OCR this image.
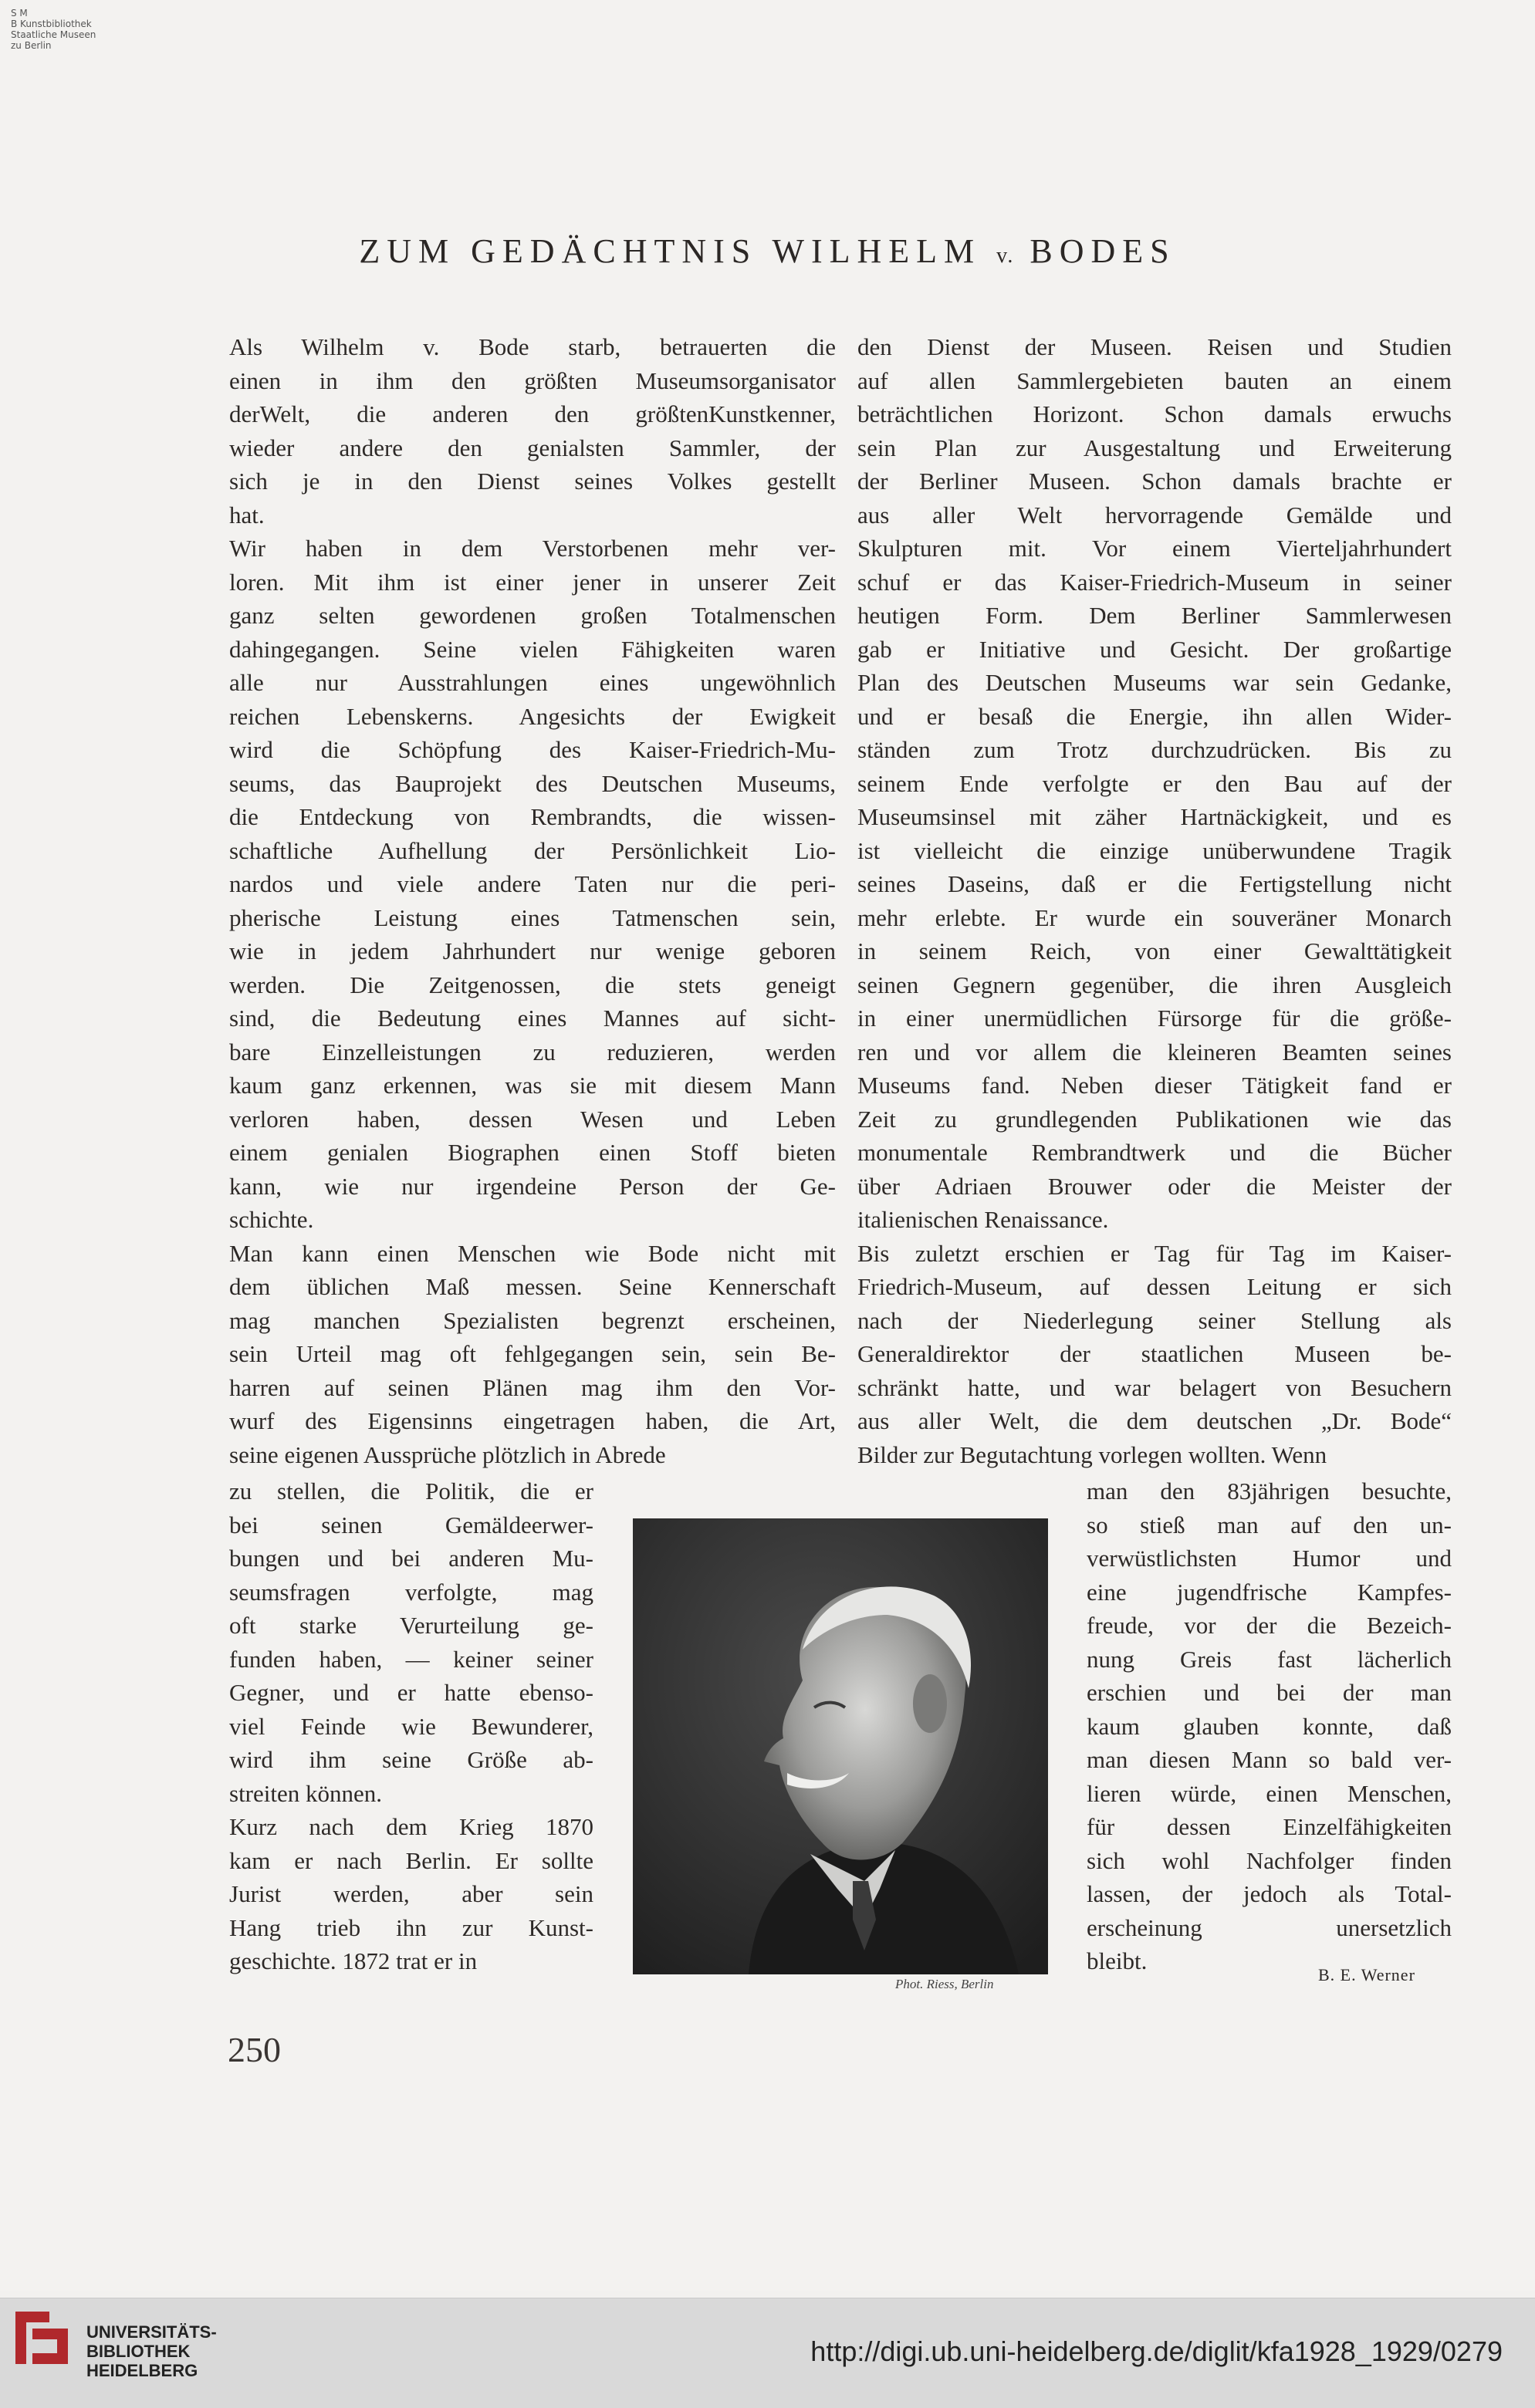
S M
B Kunstbibliothek
Staatliche Museen
zu Berlin
ZUM GEDÄCHTNIS WILHELM v. BODES
Als Wilhelm v. Bode starb, betrauerten die
einen in ihm den größten Museumsorganisator
derWelt, die anderen den größtenKunstkenner,
wieder andere den genialsten Sammler, der
sich je in den Dienst seines Volkes gestellt
hat.
Wir haben in dem Verstorbenen mehr ver-
loren. Mit ihm ist einer jener in unserer Zeit
ganz selten gewordenen großen Totalmenschen
dahingegangen. Seine vielen Fähigkeiten waren
alle nur Ausstrahlungen eines ungewöhnlich
reichen Lebenskerns. Angesichts der Ewigkeit
wird die Schöpfung des Kaiser-Friedrich-Mu-
seums, das Bauprojekt des Deutschen Museums,
die Entdeckung von Rembrandts, die wissen-
schaftliche Aufhellung der Persönlichkeit Lio-
nardos und viele andere Taten nur die peri-
pherische Leistung eines Tatmenschen sein,
wie in jedem Jahrhundert nur wenige geboren
werden. Die Zeitgenossen, die stets geneigt
sind, die Bedeutung eines Mannes auf sicht-
bare Einzelleistungen zu reduzieren, werden
kaum ganz erkennen, was sie mit diesem Mann
verloren haben, dessen Wesen und Leben
einem genialen Biographen einen Stoff bieten
kann, wie nur irgendeine Person der Ge-
schichte.
Man kann einen Menschen wie Bode nicht mit
dem üblichen Maß messen. Seine Kennerschaft
mag manchen Spezialisten begrenzt erscheinen,
sein Urteil mag oft fehlgegangen sein, sein Be-
harren auf seinen Plänen mag ihm den Vor-
wurf des Eigensinns eingetragen haben, die Art,
seine eigenen Aussprüche plötzlich in Abrede
den Dienst der Museen. Reisen und Studien
auf allen Sammlergebieten bauten an einem
beträchtlichen Horizont. Schon damals erwuchs
sein Plan zur Ausgestaltung und Erweiterung
der Berliner Museen. Schon damals brachte er
aus aller Welt hervorragende Gemälde und
Skulpturen mit. Vor einem Vierteljahrhundert
schuf er das Kaiser-Friedrich-Museum in seiner
heutigen Form. Dem Berliner Sammlerwesen
gab er Initiative und Gesicht. Der großartige
Plan des Deutschen Museums war sein Gedanke,
und er besaß die Energie, ihn allen Wider-
ständen zum Trotz durchzudrücken. Bis zu
seinem Ende verfolgte er den Bau auf der
Museumsinsel mit zäher Hartnäckigkeit, und es
ist vielleicht die einzige unüberwundene Tragik
seines Daseins, daß er die Fertigstellung nicht
mehr erlebte. Er wurde ein souveräner Monarch
in seinem Reich, von einer Gewalttätigkeit
seinen Gegnern gegenüber, die ihren Ausgleich
in einer unermüdlichen Fürsorge für die größe-
ren und vor allem die kleineren Beamten seines
Museums fand. Neben dieser Tätigkeit fand er
Zeit zu grundlegenden Publikationen wie das
monumentale Rembrandtwerk und die Bücher
über Adriaen Brouwer oder die Meister der
italienischen Renaissance.
Bis zuletzt erschien er Tag für Tag im Kaiser-
Friedrich-Museum, auf dessen Leitung er sich
nach der Niederlegung seiner Stellung als
Generaldirektor der staatlichen Museen be-
schränkt hatte, und war belagert von Besuchern
aus aller Welt, die dem deutschen „Dr. Bode“
Bilder zur Begutachtung vorlegen wollten. Wenn
zu stellen, die Politik, die er
bei seinen Gemäldeerwer-
bungen und bei anderen Mu-
seumsfragen verfolgte, mag
oft starke Verurteilung ge-
funden haben, — keiner seiner
Gegner, und er hatte ebenso-
viel Feinde wie Bewunderer,
wird ihm seine Größe ab-
streiten können.
Kurz nach dem Krieg 1870
kam er nach Berlin. Er sollte
Jurist werden, aber sein
Hang trieb ihn zur Kunst-
geschichte. 1872 trat er in
man den 83jährigen besuchte,
so stieß man auf den un-
verwüstlichsten Humor und
eine jugendfrische Kampfes-
freude, vor der die Bezeich-
nung Greis fast lächerlich
erschien und bei der man
kaum glauben konnte, daß
man diesen Mann so bald ver-
lieren würde, einen Menschen,
für dessen Einzelfähigkeiten
sich wohl Nachfolger finden
lassen, der jedoch als Total-
erscheinung unersetzlich
bleibt.
Phot. Riess, Berlin	B. E. Werner
250
UNIVERSITÄTS-
BIBLIOTHEK
HEIDELBERG
http://digi.ub.uni-heidelberg.de/diglit/kfa1928_1929/0279
